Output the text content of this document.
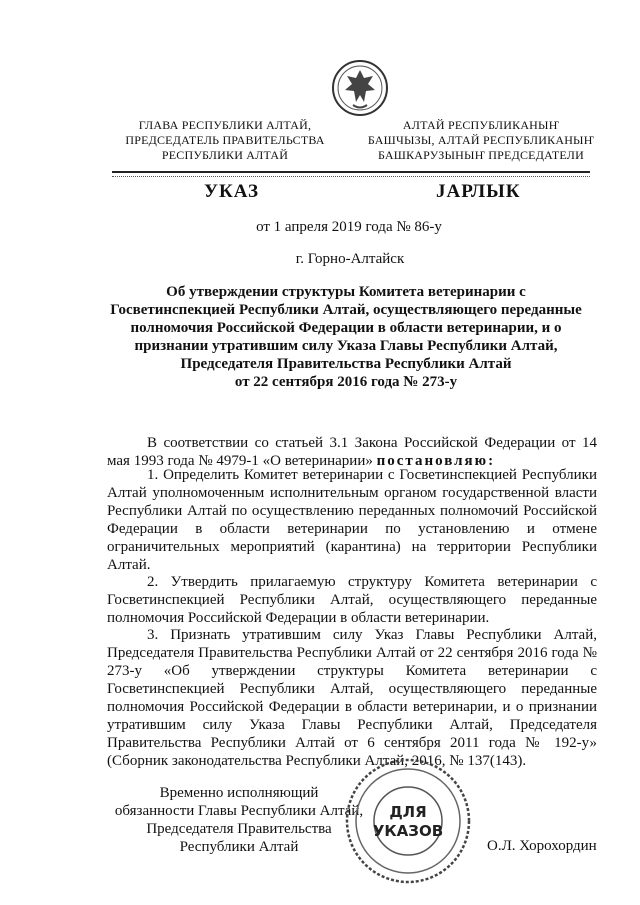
ГЛАВА РЕСПУБЛИКИ АЛТАЙ,
ПРЕДСЕДАТЕЛЬ ПРАВИТЕЛЬСТВА
РЕСПУБЛИКИ АЛТАЙ
АЛТАЙ РЕСПУБЛИКАНЫҤ
БАШЧЫЗЫ, АЛТАЙ РЕСПУБЛИКАНЫҤ
БАШКАРУЗЫНЫҤ ПРЕДСЕДАТЕЛИ
УКАЗ	ЈАРЛЫК
от 1 апреля 2019 года № 86-у
г. Горно-Алтайск
Об утверждении структуры Комитета ветеринарии с
Госветинспекцией Республики Алтай, осуществляющего переданные
полномочия Российской Федерации в области ветеринарии, и о
признании утратившим силу Указа Главы Республики Алтай,
Председателя Правительства Республики Алтай
от 22 сентября 2016 года № 273-у
В соответствии со статьей 3.1 Закона Российской Федерации от 14 мая 1993 года № 4979-1 «О ветеринарии» постановляю:
1. Определить Комитет ветеринарии с Госветинспекцией Республики Алтай уполномоченным исполнительным органом государственной власти Республики Алтай по осуществлению переданных полномочий Российской Федерации в области ветеринарии по установлению и отмене ограничительных мероприятий (карантина) на территории Республики Алтай.
2. Утвердить прилагаемую структуру Комитета ветеринарии с Госветинспекцией Республики Алтай, осуществляющего переданные полномочия Российской Федерации в области ветеринарии.
3. Признать утратившим силу Указ Главы Республики Алтай, Председателя Правительства Республики Алтай от 22 сентября 2016 года № 273-у «Об утверждении структуры Комитета ветеринарии с Госветинспекцией Республики Алтай, осуществляющего переданные полномочия Российской Федерации в области ветеринарии, и о признании утратившим силу Указа Главы Республики Алтай, Председателя Правительства Республики Алтай от 6 сентября 2011 года № 192-у» (Сборник законодательства Республики Алтай, 2016, № 137(143).
Временно исполняющий
обязанности Главы Республики Алтай,
Председателя Правительства
Республики Алтай
ДЛЯ
УКАЗОВ
О.Л. Хорохордин
